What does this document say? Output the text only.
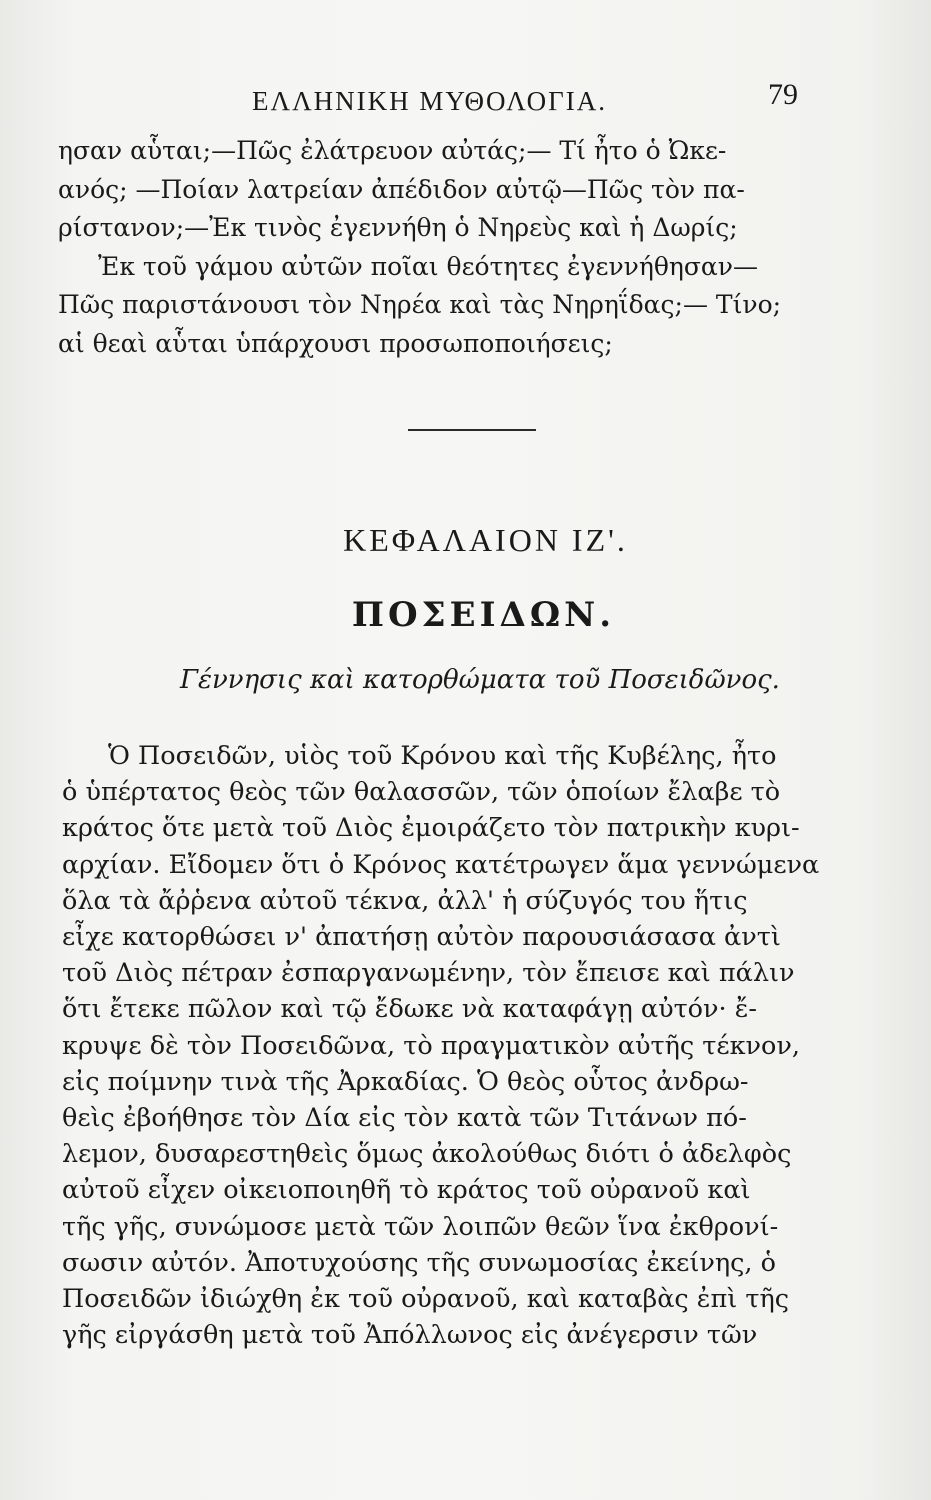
ΕΛΛΗΝΙΚΗ ΜΥΘΟΛΟΓΙΑ.	79

ησαν αὗται;—Πῶς ἐλάτρευον αὐτάς;— Τί ἦτο ὁ Ὠκε-

ανός; —Ποίαν λατρείαν ἀπέδιδον αὐτῷ—Πῶς τὸν πα-

ρίστανον;—Ἐκ τινὸς ἐγεννήθη ὁ Νηρεὺς καὶ ἡ Δωρίς;

Ἐκ τοῦ γάμου αὐτῶν ποῖαι θεότητες ἐγεννήθησαν—

Πῶς παριστάνουσι τὸν Νηρέα καὶ τὰς Νηρηΐδας;— Τίνο;

αἱ θεαὶ αὗται ὑπάρχουσι προσωποποιήσεις;

ΚΕΦΑΛΑΙΟΝ ΙΖ'.
ΠΟΣΕΙΔΩΝ.
Γέννησις καὶ κατορθώματα τοῦ Ποσειδῶνος.

Ὁ Ποσειδῶν, υἱὸς τοῦ Κρόνου καὶ τῆς Κυβέλης, ἦτο

ὁ ὑπέρτατος θεὸς τῶν θαλασσῶν, τῶν ὁποίων ἔλαβε τὸ

κράτος ὅτε μετὰ τοῦ Διὸς ἐμοιράζετο τὸν πατρικὴν κυρι-

αρχίαν. Εἴδομεν ὅτι ὁ Κρόνος κατέτρωγεν ἅμα γεννώμενα

ὅλα τὰ ἄῤῥενα αὐτοῦ τέκνα, ἀλλ' ἡ σύζυγός του ἥτις

εἶχε κατορθώσει ν' ἀπατήσῃ αὐτὸν παρουσιάσασα ἀντὶ

τοῦ Διὸς πέτραν ἐσπαργανωμένην, τὸν ἔπεισε καὶ πάλιν

ὅτι ἔτεκε πῶλον καὶ τῷ ἔδωκε νὰ καταφάγῃ αὐτόν· ἔ-

κρυψε δὲ τὸν Ποσειδῶνα, τὸ πραγματικὸν αὐτῆς τέκνον,

εἰς ποίμνην τινὰ τῆς Ἀρκαδίας. Ὁ θεὸς οὗτος ἀνδρω-

θεὶς ἐβοήθησε τὸν Δία εἰς τὸν κατὰ τῶν Τιτάνων πό-

λεμον, δυσαρεστηθεὶς ὅμως ἀκολούθως διότι ὁ ἀδελφὸς

αὐτοῦ εἶχεν οἰκειοποιηθῆ τὸ κράτος τοῦ οὐρανοῦ καὶ

τῆς γῆς, συνώμοσε μετὰ τῶν λοιπῶν θεῶν ἵνα ἐκθρονί-

σωσιν αὐτόν. Ἀποτυχούσης τῆς συνωμοσίας ἐκείνης, ὁ

Ποσειδῶν ἰδιώχθη ἐκ τοῦ οὐρανοῦ, καὶ καταβὰς ἐπὶ τῆς

γῆς εἰργάσθη μετὰ τοῦ Ἀπόλλωνος εἰς ἀνέγερσιν τῶν
